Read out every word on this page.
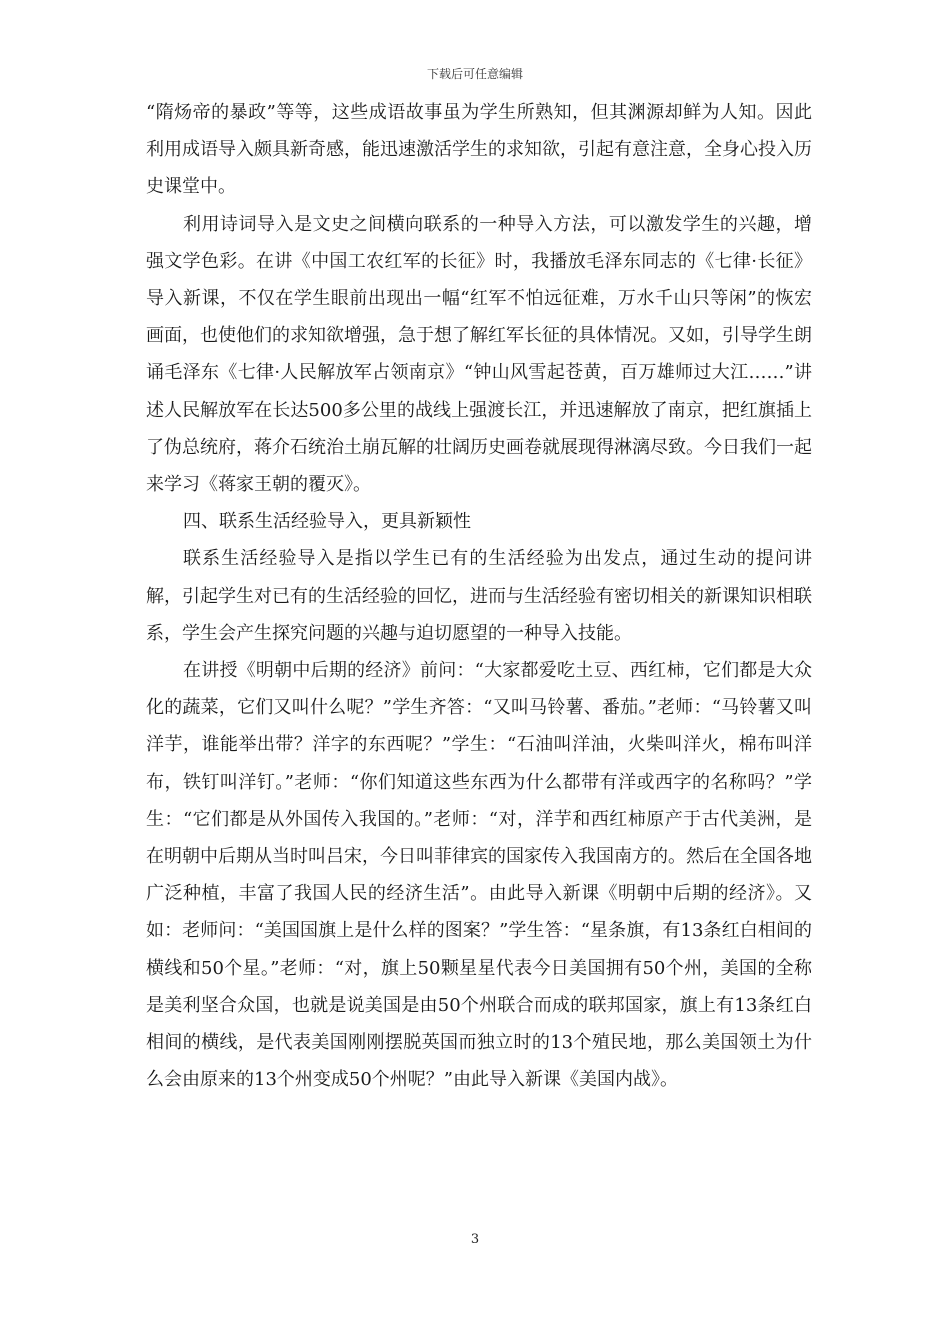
下载后可任意编辑

“隋炀帝的暴政”等等，这些成语故事虽为学生所熟知，但其渊源却鲜为人知。因此利用成语导入颇具新奇感，能迅速激活学生的求知欲，引起有意注意，全身心投入历史课堂中。

利用诗词导入是文史之间横向联系的一种导入方法，可以激发学生的兴趣，增强文学色彩。在讲《中国工农红军的长征》时，我播放毛泽东同志的《七律·长征》导入新课，不仅在学生眼前出现出一幅“红军不怕远征难，万水千山只等闲”的恢宏画面，也使他们的求知欲增强，急于想了解红军长征的具体情况。又如，引导学生朗诵毛泽东《七律·人民解放军占领南京》“钟山风雪起苍黄，百万雄师过大江……”讲述人民解放军在长达500多公里的战线上强渡长江，并迅速解放了南京，把红旗插上了伪总统府，蒋介石统治土崩瓦解的壮阔历史画卷就展现得淋漓尽致。今日我们一起来学习《蒋家王朝的覆灭》。

四、联系生活经验导入，更具新颖性

联系生活经验导入是指以学生已有的生活经验为出发点，通过生动的提问讲解，引起学生对已有的生活经验的回忆，进而与生活经验有密切相关的新课知识相联系，学生会产生探究问题的兴趣与迫切愿望的一种导入技能。

在讲授《明朝中后期的经济》前问：“大家都爱吃土豆、西红柿，它们都是大众化的蔬菜，它们又叫什么呢？”学生齐答：“又叫马铃薯、番茄。”老师：“马铃薯又叫洋芋，谁能举出带？洋字的东西呢？”学生：“石油叫洋油，火柴叫洋火，棉布叫洋布，铁钉叫洋钉。”老师：“你们知道这些东西为什么都带有洋或西字的名称吗？”学生：“它们都是从外国传入我国的。”老师：“对，洋芋和西红柿原产于古代美洲，是在明朝中后期从当时叫吕宋，今日叫菲律宾的国家传入我国南方的。然后在全国各地广泛种植，丰富了我国人民的经济生活”。由此导入新课《明朝中后期的经济》。又如：老师问：“美国国旗上是什么样的图案？”学生答：“星条旗，有13条红白相间的横线和50个星。”老师：“对，旗上50颗星星代表今日美国拥有50个州，美国的全称是美利坚合众国，也就是说美国是由50个州联合而成的联邦国家，旗上有13条红白相间的横线，是代表美国刚刚摆脱英国而独立时的13个殖民地，那么美国领土为什么会由原来的13个州变成50个州呢？”由此导入新课《美国内战》。

3
